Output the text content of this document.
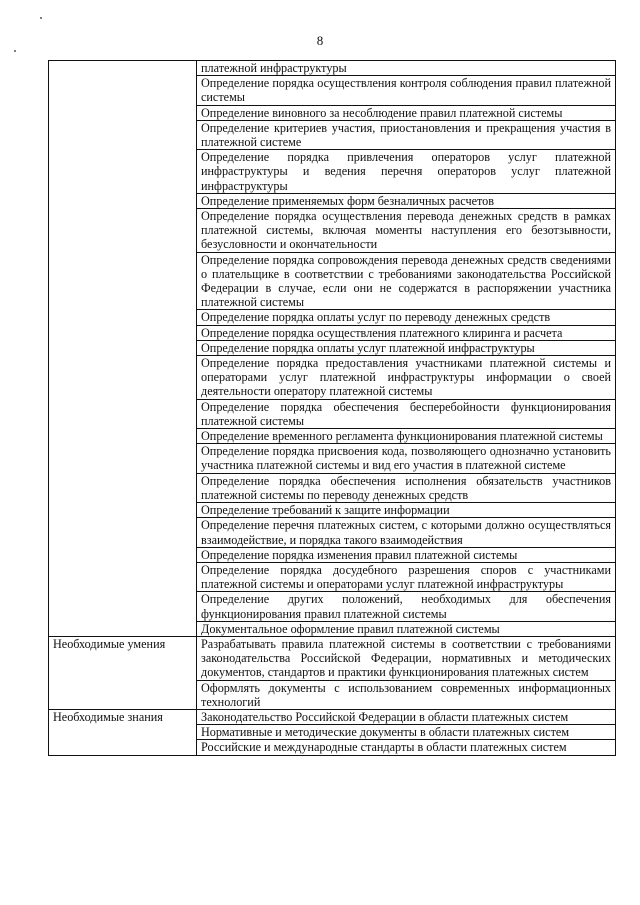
8
	платежной инфраструктуры
	Определение порядка осуществления контроля соблюдения правил платежной системы
	Определение виновного за несоблюдение правил платежной системы
	Определение критериев участия, приостановления и прекращения участия в платежной системе
	Определение порядка привлечения операторов услуг платежной инфраструктуры и ведения перечня операторов услуг платежной инфраструктуры
	Определение применяемых форм безналичных расчетов
	Определение порядка осуществления перевода денежных средств в рамках платежной системы, включая моменты наступления его безотзывности, безусловности и окончательности
	Определение порядка сопровождения перевода денежных средств сведениями о плательщике в соответствии с требованиями законодательства Российской Федерации в случае, если они не содержатся в распоряжении участника платежной системы
	Определение порядка оплаты услуг по переводу денежных средств
	Определение порядка осуществления платежного клиринга и расчета
	Определение порядка оплаты услуг платежной инфраструктуры
	Определение порядка предоставления участниками платежной системы и операторами услуг платежной инфраструктуры информации о своей деятельности оператору платежной системы
	Определение порядка обеспечения бесперебойности функционирования платежной системы
	Определение временного регламента функционирования платежной системы
	Определение порядка присвоения кода, позволяющего однозначно установить участника платежной системы и вид его участия в платежной системе
	Определение порядка обеспечения исполнения обязательств участников платежной системы по переводу денежных средств
	Определение требований к защите информации
	Определение перечня платежных систем, с которыми должно осуществляться взаимодействие, и порядка такого взаимодействия
	Определение порядка изменения правил платежной системы
	Определение порядка досудебного разрешения споров с участниками платежной системы и операторами услуг платежной инфраструктуры
	Определение других положений, необходимых для обеспечения функционирования правил платежной системы
	Документальное оформление правил платежной системы
Необходимые умения	Разрабатывать правила платежной системы в соответствии с требованиями законодательства Российской Федерации, нормативных и методических документов, стандартов и практики функционирования платежных систем
	Оформлять документы с использованием современных информационных технологий
Необходимые знания	Законодательство Российской Федерации в области платежных систем
	Нормативные и методические документы в области платежных систем
	Российские и международные стандарты в области платежных систем
